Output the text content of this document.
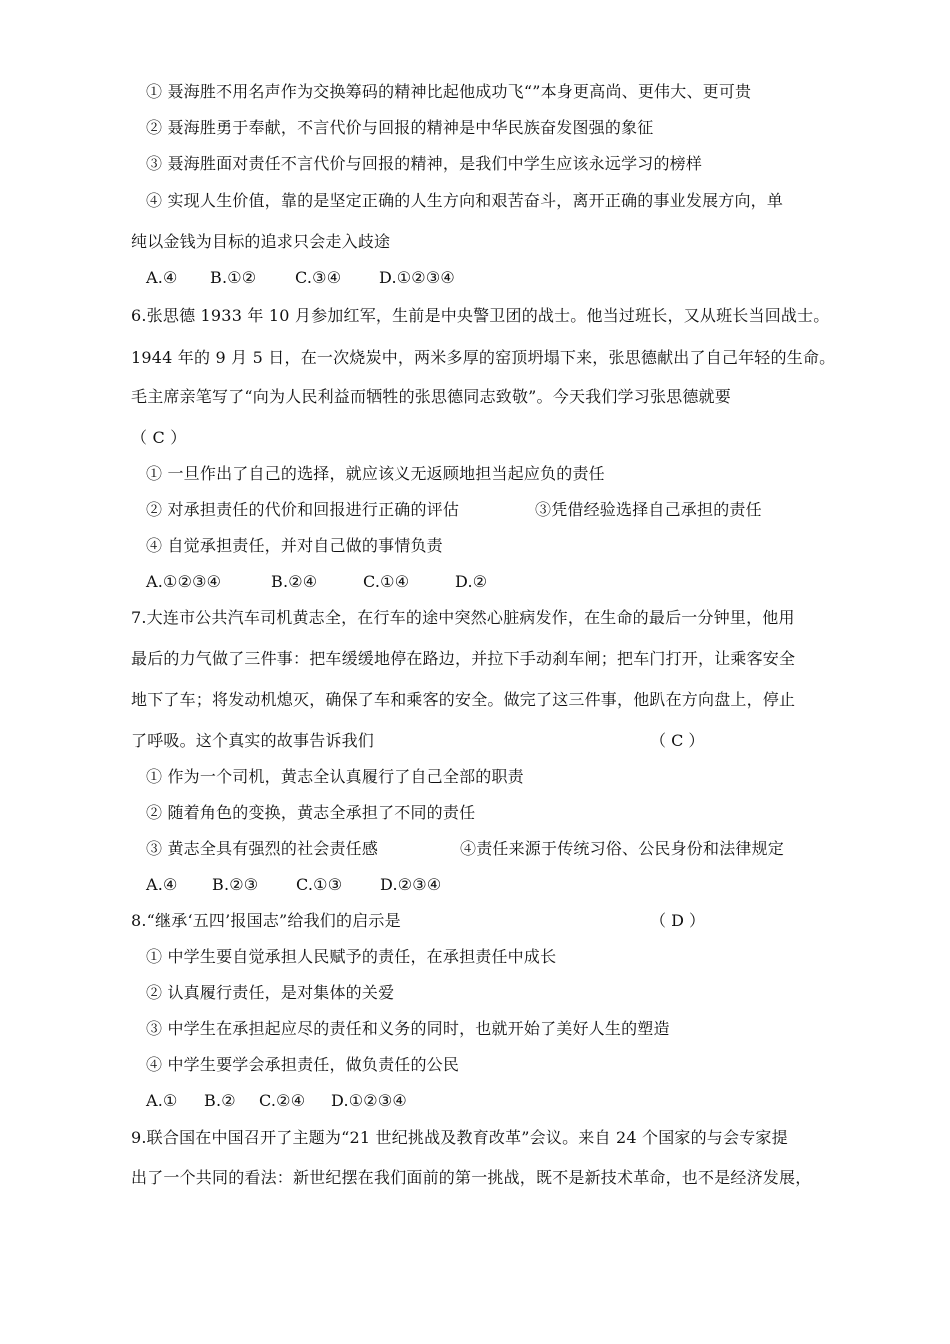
① 聂海胜不用名声作为交换筹码的精神比起他成功飞“”本身更高尚、更伟大、更可贵
② 聂海胜勇于奉献，不言代价与回报的精神是中华民族奋发图强的象征
③ 聂海胜面对责任不言代价与回报的精神，是我们中学生应该永远学习的榜样
④ 实现人生价值，靠的是坚定正确的人生方向和艰苦奋斗，离开正确的事业发展方向，单
纯以金钱为目标的追求只会走入歧途
A.④ B.①② C.③④ D.①②③④
6.张思德 1933 年 10 月参加红军，生前是中央警卫团的战士。他当过班长，又从班长当回战士。
1944 年的 9 月 5 日，在一次烧炭中，两米多厚的窑顶坍塌下来，张思德献出了自己年轻的生命。
毛主席亲笔写了“向为人民利益而牺牲的张思德同志致敬”。今天我们学习张思德就要
（ C ）
① 一旦作出了自己的选择，就应该义无返顾地担当起应负的责任
② 对承担责任的代价和回报进行正确的评估	③凭借经验选择自己承担的责任
④ 自觉承担责任，并对自己做的事情负责
A.①②③④	B.②④	C.①④	D.②
7.大连市公共汽车司机黄志全，在行车的途中突然心脏病发作，在生命的最后一分钟里，他用
最后的力气做了三件事：把车缓缓地停在路边，并拉下手动刹车闸；把车门打开，让乘客安全
地下了车；将发动机熄灭，确保了车和乘客的安全。做完了这三件事，他趴在方向盘上，停止
了呼吸。这个真实的故事告诉我们	（ C ）
① 作为一个司机，黄志全认真履行了自己全部的职责
② 随着角色的变换，黄志全承担了不同的责任
③ 黄志全具有强烈的社会责任感	④责任来源于传统习俗、公民身份和法律规定
A.④ B.②③ C.①③ D.②③④
8.“继承‘五四’报国志”给我们的启示是	（ D ）
① 中学生要自觉承担人民赋予的责任，在承担责任中成长
② 认真履行责任，是对集体的关爱
③ 中学生在承担起应尽的责任和义务的同时，也就开始了美好人生的塑造
④ 中学生要学会承担责任，做负责任的公民
A.① B.② C.②④ D.①②③④
9.联合国在中国召开了主题为“21 世纪挑战及教育改革”会议。来自 24 个国家的与会专家提
出了一个共同的看法：新世纪摆在我们面前的第一挑战，既不是新技术革命，也不是经济发展，
